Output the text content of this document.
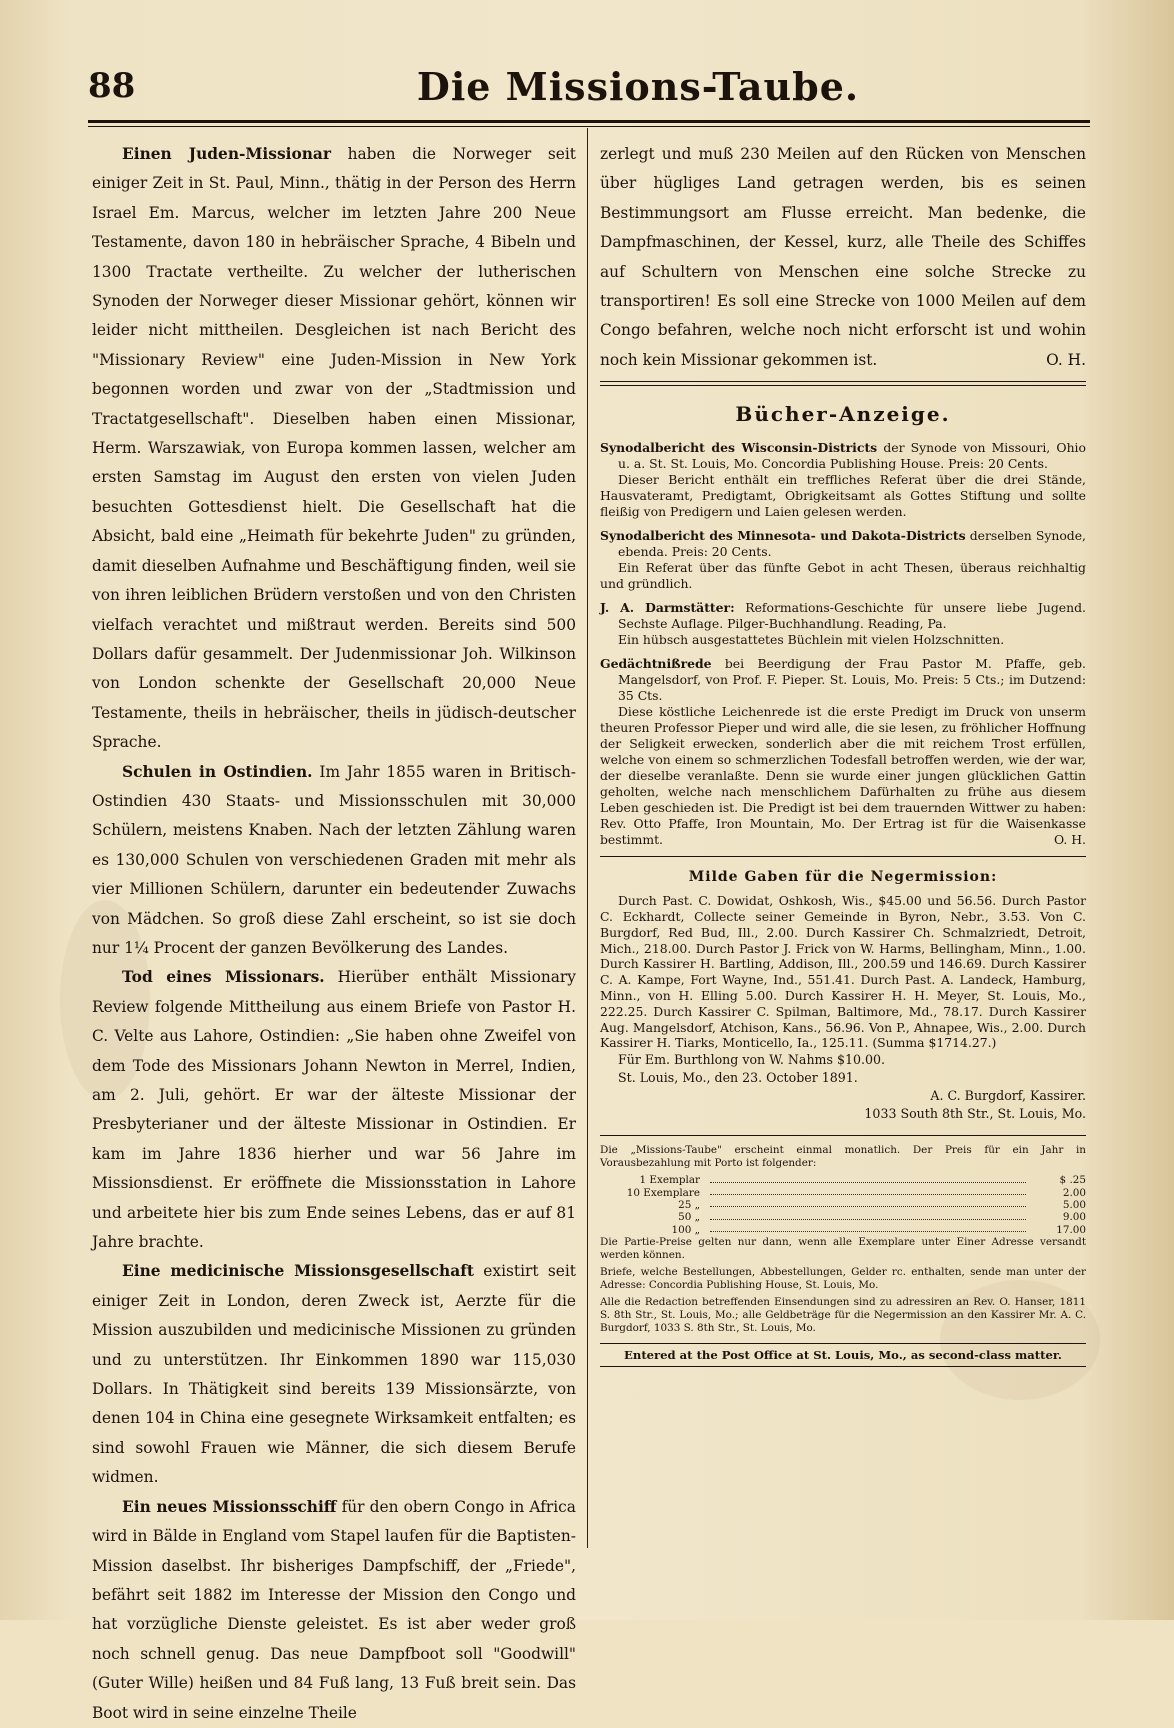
88	Die Missions-Taube.

Einen Juden-Missionar haben die Norweger seit einiger Zeit in St. Paul, Minn., thätig in der Person des Herrn Israel Em. Marcus, welcher im letzten Jahre 200 Neue Testamente, davon 180 in hebräischer Sprache, 4 Bibeln und 1300 Tractate vertheilte. Zu welcher der lutherischen Synoden der Norweger dieser Missionar gehört, können wir leider nicht mittheilen. Desgleichen ist nach Bericht des "Missionary Review" eine Juden-Mission in New York begonnen worden und zwar von der „Stadtmission und Tractatgesellschaft". Dieselben haben einen Missionar, Herm. Warszawiak, von Europa kommen lassen, welcher am ersten Samstag im August den ersten von vielen Juden besuchten Gottesdienst hielt. Die Gesellschaft hat die Absicht, bald eine „Heimath für bekehrte Juden" zu gründen, damit dieselben Aufnahme und Beschäftigung finden, weil sie von ihren leiblichen Brüdern verstoßen und von den Christen vielfach verachtet und mißtraut werden. Bereits sind 500 Dollars dafür gesammelt. Der Judenmissionar Joh. Wilkinson von London schenkte der Gesellschaft 20,000 Neue Testamente, theils in hebräischer, theils in jüdisch-deutscher Sprache.

Schulen in Ostindien. Im Jahr 1855 waren in Britisch-Ostindien 430 Staats- und Missionsschulen mit 30,000 Schülern, meistens Knaben. Nach der letzten Zählung waren es 130,000 Schulen von verschiedenen Graden mit mehr als vier Millionen Schülern, darunter ein bedeutender Zuwachs von Mädchen. So groß diese Zahl erscheint, so ist sie doch nur 1¼ Procent der ganzen Bevölkerung des Landes.

Tod eines Missionars. Hierüber enthält Missionary Review folgende Mittheilung aus einem Briefe von Pastor H. C. Velte aus Lahore, Ostindien: „Sie haben ohne Zweifel von dem Tode des Missionars Johann Newton in Merrel, Indien, am 2. Juli, gehört. Er war der älteste Missionar der Presbyterianer und der älteste Missionar in Ostindien. Er kam im Jahre 1836 hierher und war 56 Jahre im Missionsdienst. Er eröffnete die Missionsstation in Lahore und arbeitete hier bis zum Ende seines Lebens, das er auf 81 Jahre brachte.

Eine medicinische Missionsgesellschaft existirt seit einiger Zeit in London, deren Zweck ist, Aerzte für die Mission auszubilden und medicinische Missionen zu gründen und zu unterstützen. Ihr Einkommen 1890 war 115,030 Dollars. In Thätigkeit sind bereits 139 Missionsärzte, von denen 104 in China eine gesegnete Wirksamkeit entfalten; es sind sowohl Frauen wie Männer, die sich diesem Berufe widmen.

Ein neues Missionsschiff für den obern Congo in Africa wird in Bälde in England vom Stapel laufen für die Baptisten-Mission daselbst. Ihr bisheriges Dampfschiff, der „Friede", befährt seit 1882 im Interesse der Mission den Congo und hat vorzügliche Dienste geleistet. Es ist aber weder groß noch schnell genug. Das neue Dampfboot soll "Goodwill" (Guter Wille) heißen und 84 Fuß lang, 13 Fuß breit sein. Das Boot wird in seine einzelne Theile

zerlegt und muß 230 Meilen auf den Rücken von Menschen über hügliges Land getragen werden, bis es seinen Bestimmungsort am Flusse erreicht. Man bedenke, die Dampfmaschinen, der Kessel, kurz, alle Theile des Schiffes auf Schultern von Menschen eine solche Strecke zu transportiren! Es soll eine Strecke von 1000 Meilen auf dem Congo befahren, welche noch nicht erforscht ist und wohin noch kein Missionar gekommen ist.	O. H.

Bücher-Anzeige.
Synodalbericht des Wisconsin-Districts der Synode von Missouri, Ohio u. a. St. St. Louis, Mo. Concordia Publishing House. Preis: 20 Cents.
Dieser Bericht enthält ein treffliches Referat über die drei Stände, Hausvateramt, Predigtamt, Obrigkeitsamt als Gottes Stiftung und sollte fleißig von Predigern und Laien gelesen werden.
Synodalbericht des Minnesota- und Dakota-Districts derselben Synode, ebenda. Preis: 20 Cents.
Ein Referat über das fünfte Gebot in acht Thesen, überaus reichhaltig und gründlich.
J. A. Darmstätter: Reformations-Geschichte für unsere liebe Jugend. Sechste Auflage. Pilger-Buchhandlung. Reading, Pa.
Ein hübsch ausgestattetes Büchlein mit vielen Holzschnitten.
Gedächtnißrede bei Beerdigung der Frau Pastor M. Pfaffe, geb. Mangelsdorf, von Prof. F. Pieper. St. Louis, Mo. Preis: 5 Cts.; im Dutzend: 35 Cts.
Diese köstliche Leichenrede ist die erste Predigt im Druck von unserm theuren Professor Pieper und wird alle, die sie lesen, zu fröhlicher Hoffnung der Seligkeit erwecken, sonderlich aber die mit reichem Trost erfüllen, welche von einem so schmerzlichen Todesfall betroffen werden, wie der war, der dieselbe veranlaßte. Denn sie wurde einer jungen glücklichen Gattin geholten, welche nach menschlichem Dafürhalten zu frühe aus diesem Leben geschieden ist. Die Predigt ist bei dem trauernden Wittwer zu haben: Rev. Otto Pfaffe, Iron Mountain, Mo. Der Ertrag ist für die Waisenkasse bestimmt.	O. H.
Milde Gaben für die Negermission:

Durch Past. C. Dowidat, Oshkosh, Wis., $45.00 und 56.56. Durch Pastor C. Eckhardt, Collecte seiner Gemeinde in Byron, Nebr., 3.53. Von C. Burgdorf, Red Bud, Ill., 2.00. Durch Kassirer Ch. Schmalzriedt, Detroit, Mich., 218.00. Durch Pastor J. Frick von W. Harms, Bellingham, Minn., 1.00. Durch Kassirer H. Bartling, Addison, Ill., 200.59 und 146.69. Durch Kassirer C. A. Kampe, Fort Wayne, Ind., 551.41. Durch Past. A. Landeck, Hamburg, Minn., von H. Elling 5.00. Durch Kassirer H. H. Meyer, St. Louis, Mo., 222.25. Durch Kassirer C. Spilman, Baltimore, Md., 78.17. Durch Kassirer Aug. Mangelsdorf, Atchison, Kans., 56.96. Von P., Ahnapee, Wis., 2.00. Durch Kassirer H. Tiarks, Monticello, Ia., 125.11. (Summa $1714.27.)

Für Em. Burthlong von W. Nahms $10.00.

St. Louis, Mo., den 23. October 1891.

A. C. Burgdorf, Kassirer.

1033 South 8th Str., St. Louis, Mo.

Die „Missions-Taube" erscheint einmal monatlich. Der Preis für ein Jahr in Vorausbezahlung mit Porto ist folgender:

1 Exemplar	$ .25
10 Exemplare	2.00
25 „	5.00
50 „	9.00
100 „	17.00

Die Partie-Preise gelten nur dann, wenn alle Exemplare unter Einer Adresse versandt werden können.

Briefe, welche Bestellungen, Abbestellungen, Gelder rc. enthalten, sende man unter der Adresse: Concordia Publishing House, St. Louis, Mo.

Alle die Redaction betreffenden Einsendungen sind zu adressiren an Rev. O. Hanser, 1811 S. 8th Str., St. Louis, Mo.; alle Geldbeträge für die Negermission an den Kassirer Mr. A. C. Burgdorf, 1033 S. 8th Str., St. Louis, Mo.

Entered at the Post Office at St. Louis, Mo., as second-class matter.
